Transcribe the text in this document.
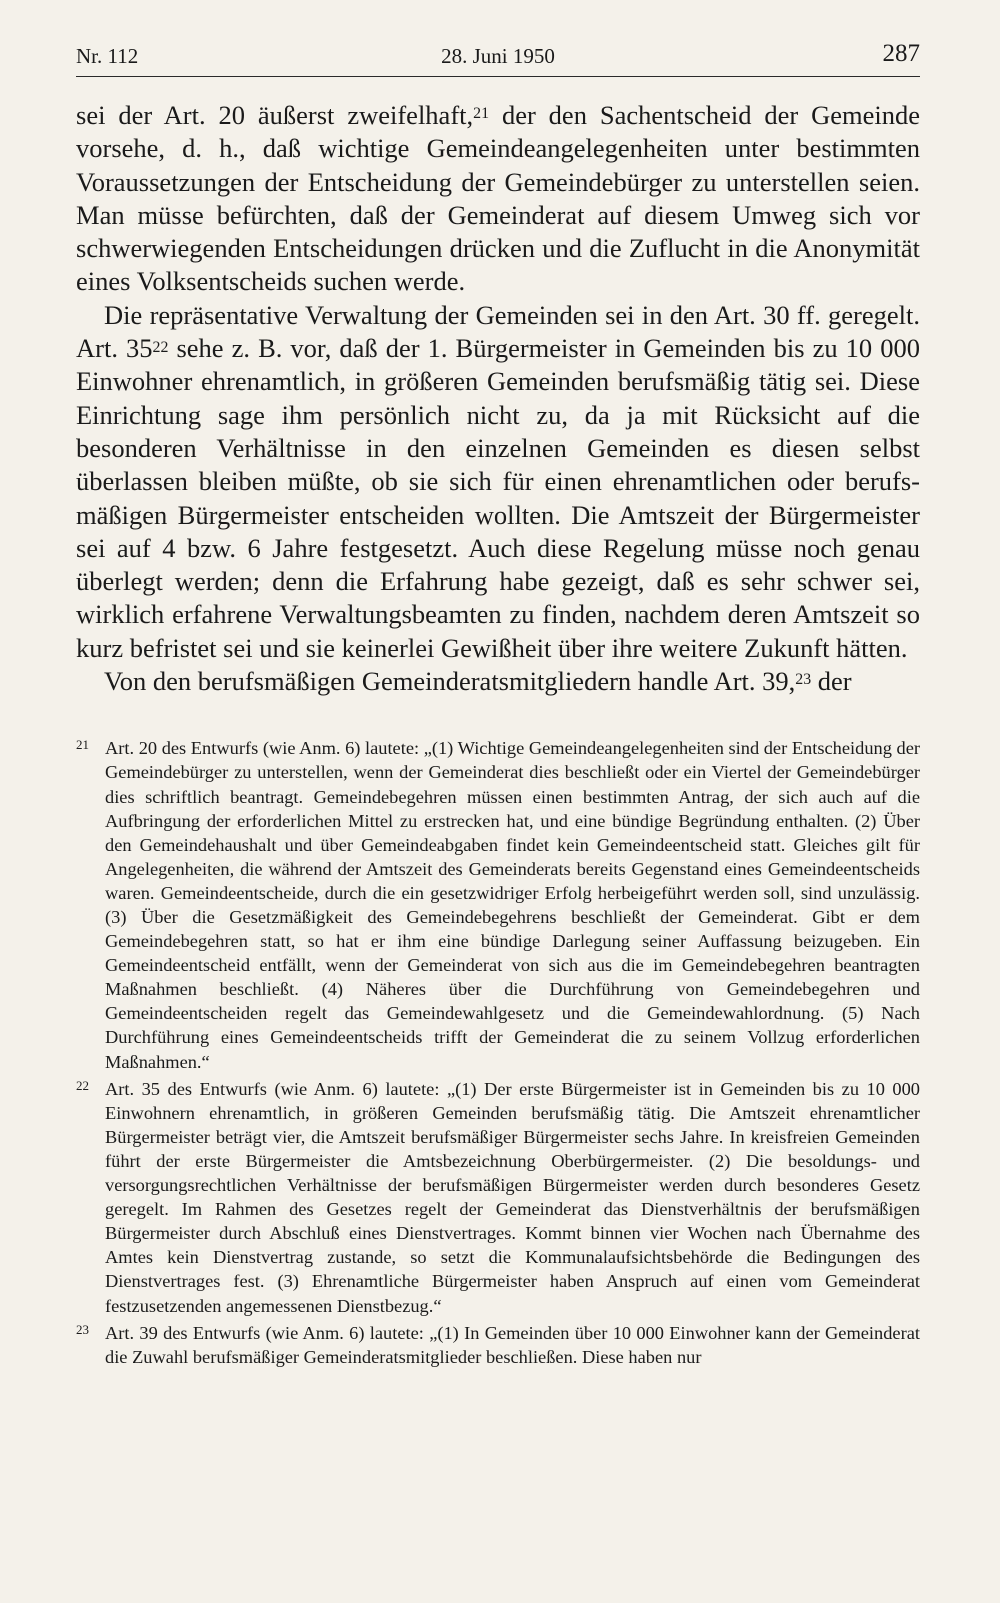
Nr. 112	28. Juni 1950	287

sei der Art. 20 äußerst zweifelhaft,$^{21}$ der den Sachentscheid der Gemeinde vorsehe, d. h., daß wichtige Gemeindeangelegenheiten unter bestimmten Voraussetzungen der Entscheidung der Gemeindebürger zu unterstellen seien. Man müsse befürchten, daß der Gemeinderat auf diesem Umweg sich vor schwerwiegenden Entscheidungen drücken und die Zuflucht in die Anonymität eines Volksentscheids suchen werde.

Die repräsentative Verwaltung der Gemeinden sei in den Art. 30 ff. geregelt. Art. $35^{22}$ sehe z. B. vor, daß der 1. Bürgermeister in Gemeinden bis zu 10 000 Einwohner ehrenamtlich, in größeren Gemeinden berufsmäßig tätig sei. Diese Einrichtung sage ihm persönlich nicht zu, da ja mit Rücksicht auf die besonderen Verhältnisse in den einzelnen Gemeinden es diesen selbst überlassen bleiben müßte, ob sie sich für einen ehrenamtlichen oder berufsmäßigen Bürgermeister entscheiden wollten. Die Amtszeit der Bürgermeister sei auf 4 bzw. 6 Jahre festgesetzt. Auch diese Regelung müsse noch genau überlegt werden; denn die Erfahrung habe gezeigt, daß es sehr schwer sei, wirklich erfahrene Verwaltungsbeamten zu finden, nachdem deren Amtszeit so kurz befristet sei und sie keinerlei Gewißheit über ihre weitere Zukunft hätten.

Von den berufsmäßigen Gemeinderatsmitgliedern handle Art. 39,23 der

21 Art. 20 des Entwurfs (wie Anm. 6) lautete: „(1) Wichtige Gemeindeangelegenheiten sind der Entscheidung der Gemeindebürger zu unterstellen, wenn der Gemeinderat dies beschließt oder ein Viertel der Gemeindebürger dies schriftlich beantragt. Gemeindebegehren müssen einen bestimmten Antrag, der sich auch auf die Aufbringung der erforderlichen Mittel zu erstrecken hat, und eine bündige Begründung enthalten. (2) Über den Gemeindehaushalt und über Gemeindeabgaben findet kein Gemeindeentscheid statt. Gleiches gilt für Angelegenheiten, die während der Amtszeit des Gemeinderats bereits Gegenstand eines Gemeindeentscheids waren. Gemeindeentscheide, durch die ein gesetzwidriger Erfolg herbeigeführt werden soll, sind unzulässig. (3) Über die Gesetzmäßigkeit des Gemeindebegehrens beschließt der Gemeinderat. Gibt er dem Gemeindebegehren statt, so hat er ihm eine bündige Darlegung seiner Auffassung beizugeben. Ein Gemeindeentscheid entfällt, wenn der Gemeinderat von sich aus die im Gemeindebegehren beantragten Maßnahmen beschließt. (4) Näheres über die Durchführung von Gemeindebegehren und Gemeindeentscheiden regelt das Gemeindewahlgesetz und die Gemeindewahlordnung. (5) Nach Durchführung eines Gemeindeentscheids trifft der Gemeinderat die zu seinem Vollzug erforderlichen Maßnahmen.“
22 Art. 35 des Entwurfs (wie Anm. 6) lautete: „(1) Der erste Bürgermeister ist in Gemeinden bis zu 10 000 Einwohnern ehrenamtlich, in größeren Gemeinden berufsmäßig tätig. Die Amtszeit ehrenamtlicher Bürgermeister beträgt vier, die Amtszeit berufsmäßiger Bürgermeister sechs Jahre. In kreisfreien Gemeinden führt der erste Bürgermeister die Amtsbezeichnung Oberbürgermeister. (2) Die besoldungs- und versorgungsrechtlichen Verhältnisse der berufsmäßigen Bürgermeister werden durch besonderes Gesetz geregelt. Im Rahmen des Gesetzes regelt der Gemeinderat das Dienstverhältnis der berufsmäßigen Bürgermeister durch Abschluß eines Dienstvertrages. Kommt binnen vier Wochen nach Übernahme des Amtes kein Dienstvertrag zustande, so setzt die Kommunalaufsichtsbehörde die Bedingungen des Dienstvertrages fest. (3) Ehrenamtliche Bürgermeister haben Anspruch auf einen vom Gemeinderat festzusetzenden angemessenen Dienstbezug.“
23 Art. 39 des Entwurfs (wie Anm. 6) lautete: „(1) In Gemeinden über 10 000 Einwohner kann der Gemeinderat die Zuwahl berufsmäßiger Gemeinderatsmitglieder beschließen. Diese haben nur
